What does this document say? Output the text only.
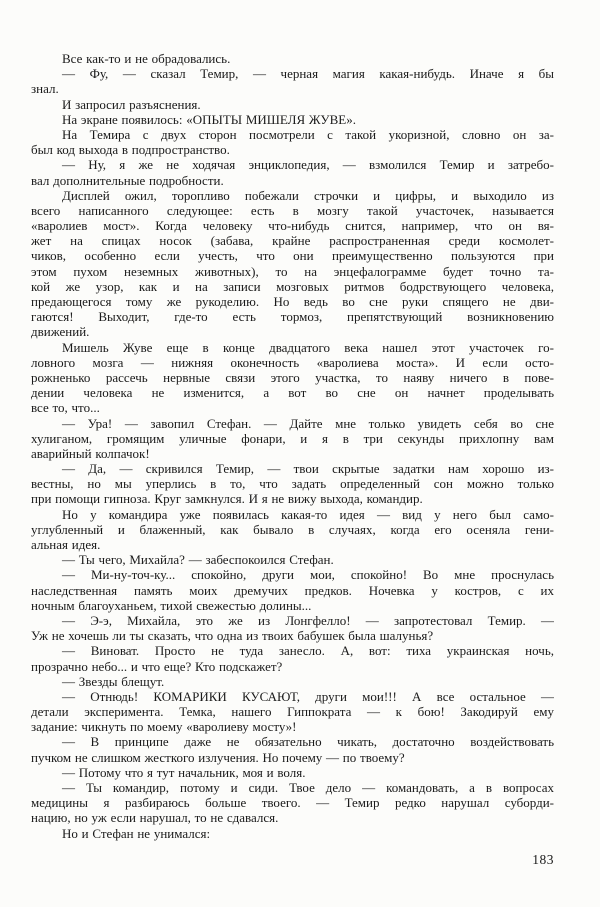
Все как-то и не обрадовались.
— Фу, — сказал Темир, — черная магия какая-нибудь. Иначе я бы
знал.
И запросил разъяснения.
На экране появилось: «ОПЫТЫ МИШЕЛЯ ЖУВЕ».
На Темира с двух сторон посмотрели с такой укоризной, словно он за-
был код выхода в подпространство.
— Ну, я же не ходячая энциклопедия, — взмолился Темир и затребо-
вал дополнительные подробности.
Дисплей ожил, торопливо побежали строчки и цифры, и выходило из
всего написанного следующее: есть в мозгу такой участочек, называется
«варолиев мост». Когда человеку что-нибудь снится, например, что он вя-
жет на спицах носок (забава, крайне распространенная среди космолет-
чиков, особенно если учесть, что они преимущественно пользуются при
этом пухом неземных животных), то на энцефалограмме будет точно та-
кой же узор, как и на записи мозговых ритмов бодрствующего человека,
предающегося тому же рукоделию. Но ведь во сне руки спящего не дви-
гаются! Выходит, где-то есть тормоз, препятствующий возникновению
движений.
Мишель Жуве еще в конце двадцатого века нашел этот участочек го-
ловного мозга — нижняя оконечность «варолиева моста». И если осто-
рожненько рассечь нервные связи этого участка, то наяву ничего в пове-
дении человека не изменится, а вот во сне он начнет проделывать
все то, что...
— Ура! — завопил Стефан. — Дайте мне только увидеть себя во сне
хулиганом, громящим уличные фонари, и я в три секунды прихлопну вам
аварийный колпачок!
— Да, — скривился Темир, — твои скрытые задатки нам хорошо из-
вестны, но мы уперлись в то, что задать определенный сон можно только
при помощи гипноза. Круг замкнулся. И я не вижу выхода, командир.
Но у командира уже появилась какая-то идея — вид у него был само-
углубленный и блаженный, как бывало в случаях, когда его осеняла гени-
альная идея.
— Ты чего, Михайла? — забеспокоился Стефан.
— Ми-ну-точ-ку... спокойно, други мои, спокойно! Во мне проснулась
наследственная память моих дремучих предков. Ночевка у костров, с их
ночным благоуханьем, тихой свежестью долины...
— Э-э, Михайла, это же из Лонгфелло! — запротестовал Темир. —
Уж не хочешь ли ты сказать, что одна из твоих бабушек была шалунья?
— Виноват. Просто не туда занесло. А, вот: тиха украинская ночь,
прозрачно небо... и что еще? Кто подскажет?
— Звезды блещут.
— Отнюдь! КОМАРИКИ КУСАЮТ, други мои!!! А все остальное —
детали эксперимента. Темка, нашего Гиппократа — к бою! Закодируй ему
задание: чикнуть по моему «варолиеву мосту»!
— В принципе даже не обязательно чикать, достаточно воздействовать
пучком не слишком жесткого излучения. Но почему — по твоему?
— Потому что я тут начальник, моя и воля.
— Ты командир, потому и сиди. Твое дело — командовать, а в вопросах
медицины я разбираюсь больше твоего. — Темир редко нарушал суборди-
нацию, но уж если нарушал, то не сдавался.
Но и Стефан не унимался:
183
